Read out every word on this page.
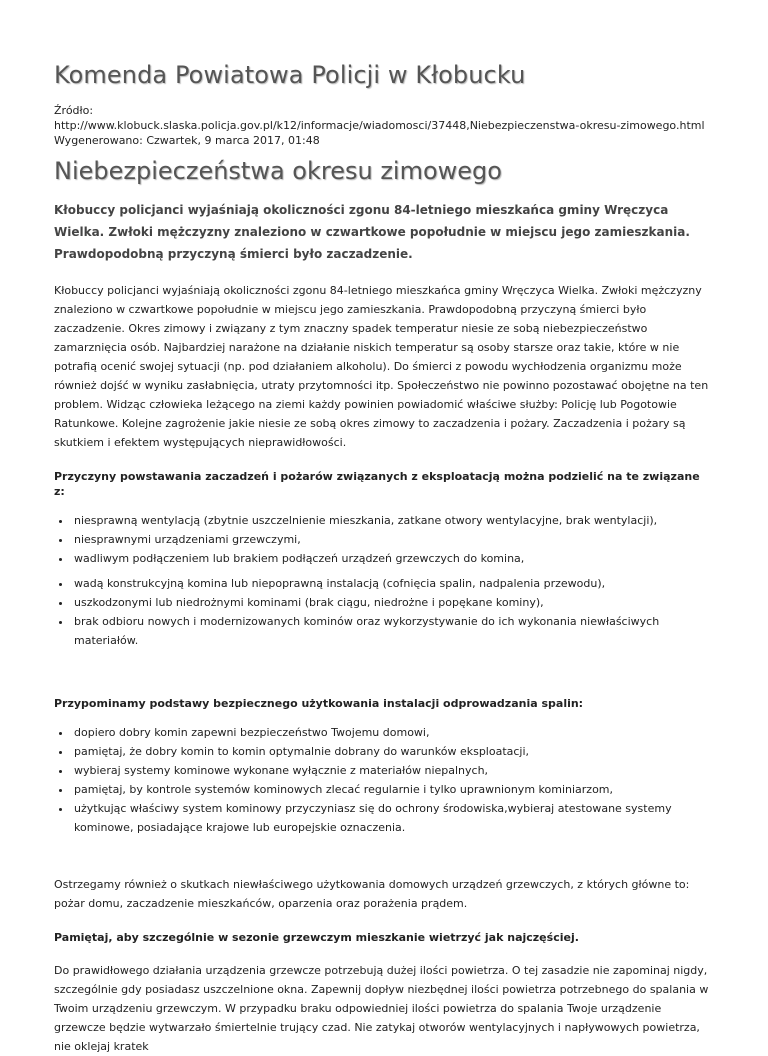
Komenda Powiatowa Policji w Kłobucku
Źródło:
http://www.klobuck.slaska.policja.gov.pl/k12/informacje/wiadomosci/37448,Niebezpieczenstwa-okresu-zimowego.html
Wygenerowano: Czwartek, 9 marca 2017, 01:48
Niebezpieczeństwa okresu zimowego

Kłobuccy policjanci wyjaśniają okoliczności zgonu 84-letniego mieszkańca gminy Wręczyca Wielka. Zwłoki mężczyzny znaleziono w czwartkowe popołudnie w miejscu jego zamieszkania. Prawdopodobną przyczyną śmierci było zaczadzenie.

Kłobuccy policjanci wyjaśniają okoliczności zgonu 84-letniego mieszkańca gminy Wręczyca Wielka. Zwłoki mężczyzny znaleziono w czwartkowe popołudnie w miejscu jego zamieszkania. Prawdopodobną przyczyną śmierci było zaczadzenie. Okres zimowy i związany z tym znaczny spadek temperatur niesie ze sobą niebezpieczeństwo zamarznięcia osób. Najbardziej narażone na działanie niskich temperatur są osoby starsze oraz takie, które w nie potrafią ocenić swojej sytuacji (np. pod działaniem alkoholu). Do śmierci z powodu wychłodzenia organizmu może również dojść w wyniku zasłabnięcia, utraty przytomności itp. Społeczeństwo nie powinno pozostawać obojętne na ten problem. Widząc człowieka leżącego na ziemi każdy powinien powiadomić właściwe służby: Policję lub Pogotowie Ratunkowe. Kolejne zagrożenie jakie niesie ze sobą okres zimowy to zaczadzenia i pożary. Zaczadzenia i pożary są skutkiem i efektem występujących nieprawidłowości.

Przyczyny powstawania zaczadzeń i pożarów związanych z eksploatacją można podzielić na te związane z:
• niesprawną wentylacją (zbytnie uszczelnienie mieszkania, zatkane otwory wentylacyjne, brak wentylacji),
• niesprawnymi urządzeniami grzewczymi,
• wadliwym podłączeniem lub brakiem podłączeń urządzeń grzewczych do komina,
• wadą konstrukcyjną komina lub niepoprawną instalacją (cofnięcia spalin, nadpalenia przewodu),
• uszkodzonymi lub niedrożnymi kominami (brak ciągu, niedrożne i popękane kominy),
• brak odbioru nowych i modernizowanych kominów oraz wykorzystywanie do ich wykonania niewłaściwych materiałów.
Przypominamy podstawy bezpiecznego użytkowania instalacji odprowadzania spalin:
• dopiero dobry komin zapewni bezpieczeństwo Twojemu domowi,
• pamiętaj, że dobry komin to komin optymalnie dobrany do warunków eksploatacji,
• wybieraj systemy kominowe wykonane wyłącznie z materiałów niepalnych,
• pamiętaj, by kontrole systemów kominowych zlecać regularnie i tylko uprawnionym kominiarzom,
• użytkując właściwy system kominowy przyczyniasz się do ochrony środowiska,wybieraj atestowane systemy kominowe, posiadające krajowe lub europejskie oznaczenia.

Ostrzegamy również o skutkach niewłaściwego użytkowania domowych urządzeń grzewczych, z których główne to: pożar domu, zaczadzenie mieszkańców, oparzenia oraz porażenia prądem.

Pamiętaj, aby szczególnie w sezonie grzewczym mieszkanie wietrzyć jak najczęściej.

Do prawidłowego działania urządzenia grzewcze potrzebują dużej ilości powietrza. O tej zasadzie nie zapominaj nigdy, szczególnie gdy posiadasz uszczelnione okna. Zapewnij dopływ niezbędnej ilości powietrza potrzebnego do spalania w Twoim urządzeniu grzewczym. W przypadku braku odpowiedniej ilości powietrza do spalania Twoje urządzenie grzewcze będzie wytwarzało śmiertelnie trujący czad. Nie zatykaj otworów wentylacyjnych i napływowych powietrza, nie oklejaj kratek
